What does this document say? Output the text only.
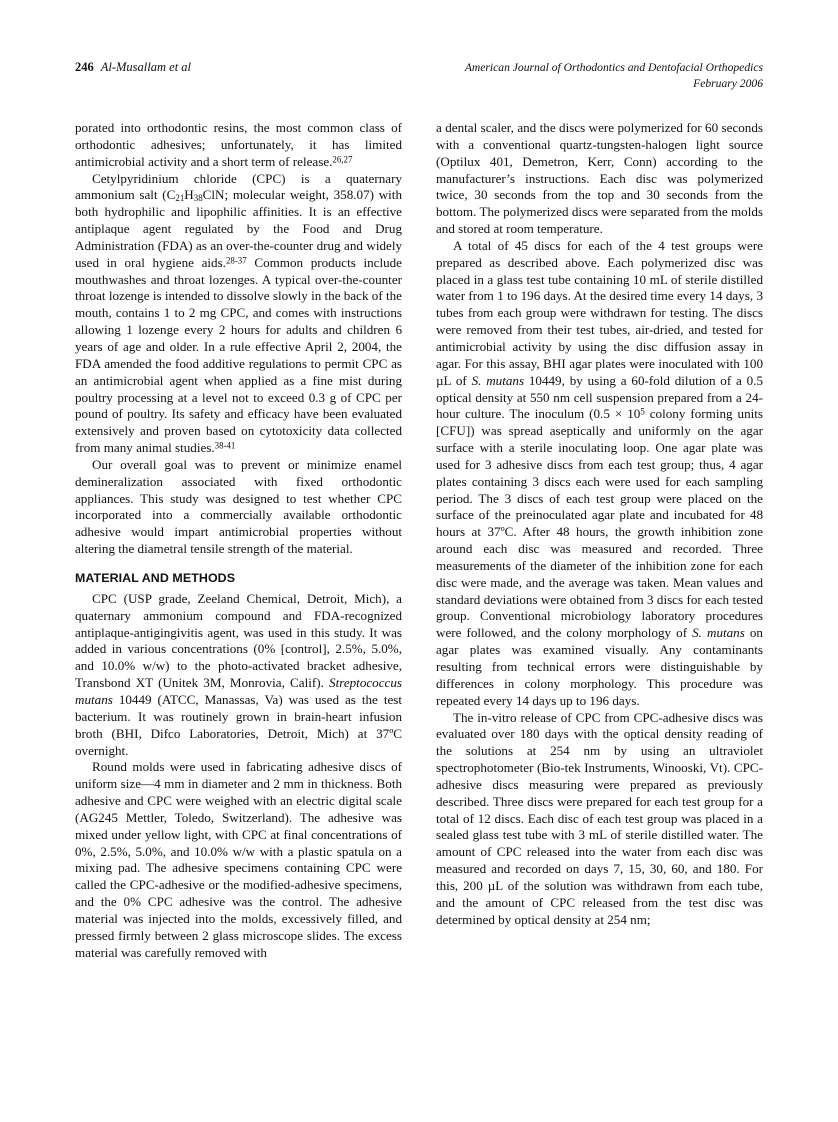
246 Al-Musallam et al	American Journal of Orthodontics and Dentofacial Orthopedics
February 2006

porated into orthodontic resins, the most common class of orthodontic adhesives; unfortunately, it has limited antimicrobial activity and a short term of release.$^{26,27}$

Cetylpyridinium chloride (CPC) is a quaternary ammonium salt ($C_{21}H_{38}ClN$; molecular weight, 358.07) with both hydrophilic and lipophilic affinities. It is an effective antiplaque agent regulated by the Food and Drug Administration (FDA) as an over-the-counter drug and widely used in oral hygiene aids.$^{28-37}$ Common products include mouthwashes and throat lozenges. A typical over-the-counter throat lozenge is intended to dissolve slowly in the back of the mouth, contains 1 to 2 mg CPC, and comes with instructions allowing 1 lozenge every 2 hours for adults and children 6 years of age and older. In a rule effective April 2, 2004, the FDA amended the food additive regulations to permit CPC as an antimicrobial agent when applied as a fine mist during poultry processing at a level not to exceed 0.3 g of CPC per pound of poultry. Its safety and efficacy have been evaluated extensively and proven based on cytotoxicity data collected from many animal studies.$^{38-41}$

Our overall goal was to prevent or minimize enamel demineralization associated with fixed orthodontic appliances. This study was designed to test whether CPC incorporated into a commercially available orthodontic adhesive would impart antimicrobial properties without altering the diametral tensile strength of the material.

MATERIAL AND METHODS

CPC (USP grade, Zeeland Chemical, Detroit, Mich), a quaternary ammonium compound and FDA-recognized antiplaque-antigingivitis agent, was used in this study. It was added in various concentrations (0% [control], 2.5%, 5.0%, and 10.0% w/w) to the photo-activated bracket adhesive, Transbond XT (Unitek 3M, Monrovia, Calif). Streptococcus mutans 10449 (ATCC, Manassas, Va) was used as the test bacterium. It was routinely grown in brain-heart infusion broth (BHI, Difco Laboratories, Detroit, Mich) at 37ºC overnight.

Round molds were used in fabricating adhesive discs of uniform size—4 mm in diameter and 2 mm in thickness. Both adhesive and CPC were weighed with an electric digital scale (AG245 Mettler, Toledo, Switzerland). The adhesive was mixed under yellow light, with CPC at final concentrations of 0%, 2.5%, 5.0%, and 10.0% w/w with a plastic spatula on a mixing pad. The adhesive specimens containing CPC were called the CPC-adhesive or the modified-adhesive specimens, and the 0% CPC adhesive was the control. The adhesive material was injected into the molds, excessively filled, and pressed firmly between 2 glass microscope slides. The excess material was carefully removed with

a dental scaler, and the discs were polymerized for 60 seconds with a conventional quartz-tungsten-halogen light source (Optilux 401, Demetron, Kerr, Conn) according to the manufacturer’s instructions. Each disc was polymerized twice, 30 seconds from the top and 30 seconds from the bottom. The polymerized discs were separated from the molds and stored at room temperature.

A total of 45 discs for each of the 4 test groups were prepared as described above. Each polymerized disc was placed in a glass test tube containing 10 mL of sterile distilled water from 1 to 196 days. At the desired time every 14 days, 3 tubes from each group were withdrawn for testing. The discs were removed from their test tubes, air-dried, and tested for antimicrobial activity by using the disc diffusion assay in agar. For this assay, BHI agar plates were inoculated with 100 µL of S. mutans 10449, by using a 60-fold dilution of a 0.5 optical density at 550 nm cell suspension prepared from a 24-hour culture. The inoculum ($0.5 \times 10^5$ colony forming units [CFU]) was spread aseptically and uniformly on the agar surface with a sterile inoculating loop. One agar plate was used for 3 adhesive discs from each test group; thus, 4 agar plates containing 3 discs each were used for each sampling period. The 3 discs of each test group were placed on the surface of the preinoculated agar plate and incubated for 48 hours at 37ºC. After 48 hours, the growth inhibition zone around each disc was measured and recorded. Three measurements of the diameter of the inhibition zone for each disc were made, and the average was taken. Mean values and standard deviations were obtained from 3 discs for each tested group. Conventional microbiology laboratory procedures were followed, and the colony morphology of S. mutans on agar plates was examined visually. Any contaminants resulting from technical errors were distinguishable by differences in colony morphology. This procedure was repeated every 14 days up to 196 days.

The in-vitro release of CPC from CPC-adhesive discs was evaluated over 180 days with the optical density reading of the solutions at 254 nm by using an ultraviolet spectrophotometer (Bio-tek Instruments, Winooski, Vt). CPC-adhesive discs measuring were prepared as previously described. Three discs were prepared for each test group for a total of 12 discs. Each disc of each test group was placed in a sealed glass test tube with 3 mL of sterile distilled water. The amount of CPC released into the water from each disc was measured and recorded on days 7, 15, 30, 60, and 180. For this, 200 µL of the solution was withdrawn from each tube, and the amount of CPC released from the test disc was determined by optical density at 254 nm;
